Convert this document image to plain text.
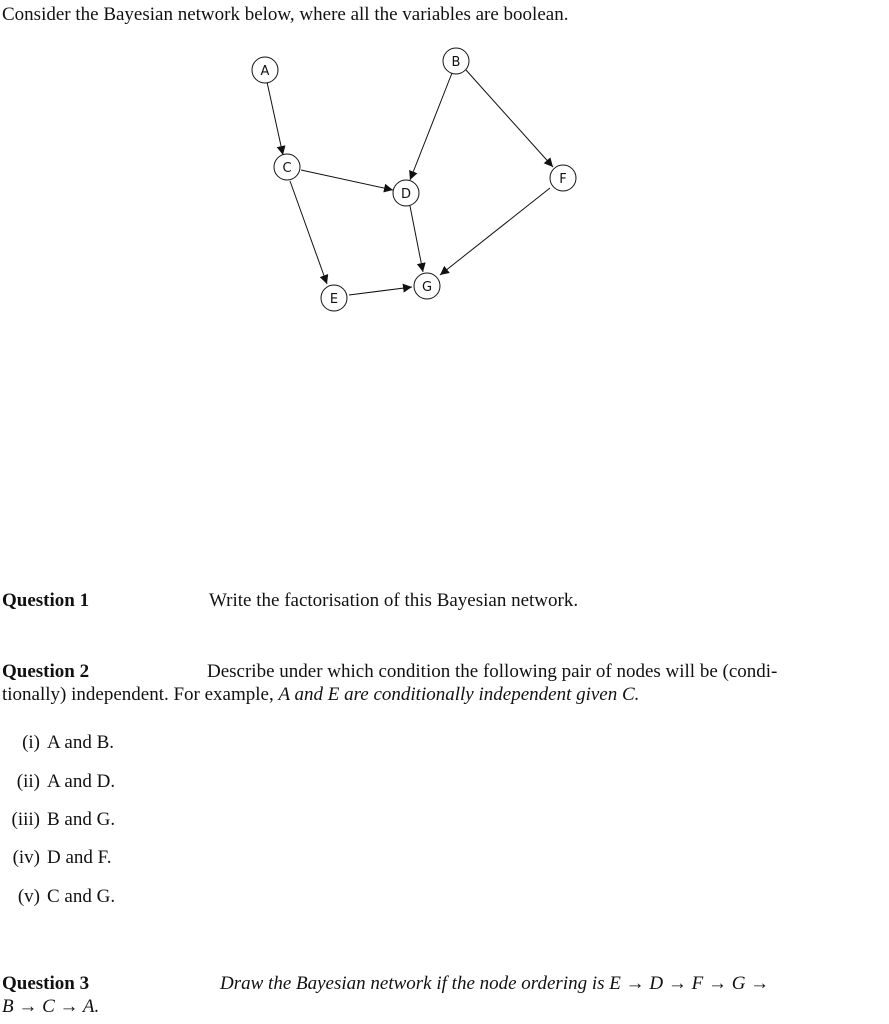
Consider the Bayesian network below, where all the variables are boolean.
A
B
C
D
E
F
G
Question 1	Write the factorisation of this Bayesian network.
Question 2	Describe under which condition the following pair of nodes will be (condi-
tionally) independent. For example, A and E are conditionally independent given C.
(i) A and B.
(ii) A and D.
(iii) B and G.
(iv) D and F.
(v) C and G.
Question 3	Draw the Bayesian network if the node ordering is E → D → F → G →
B → C → A.
